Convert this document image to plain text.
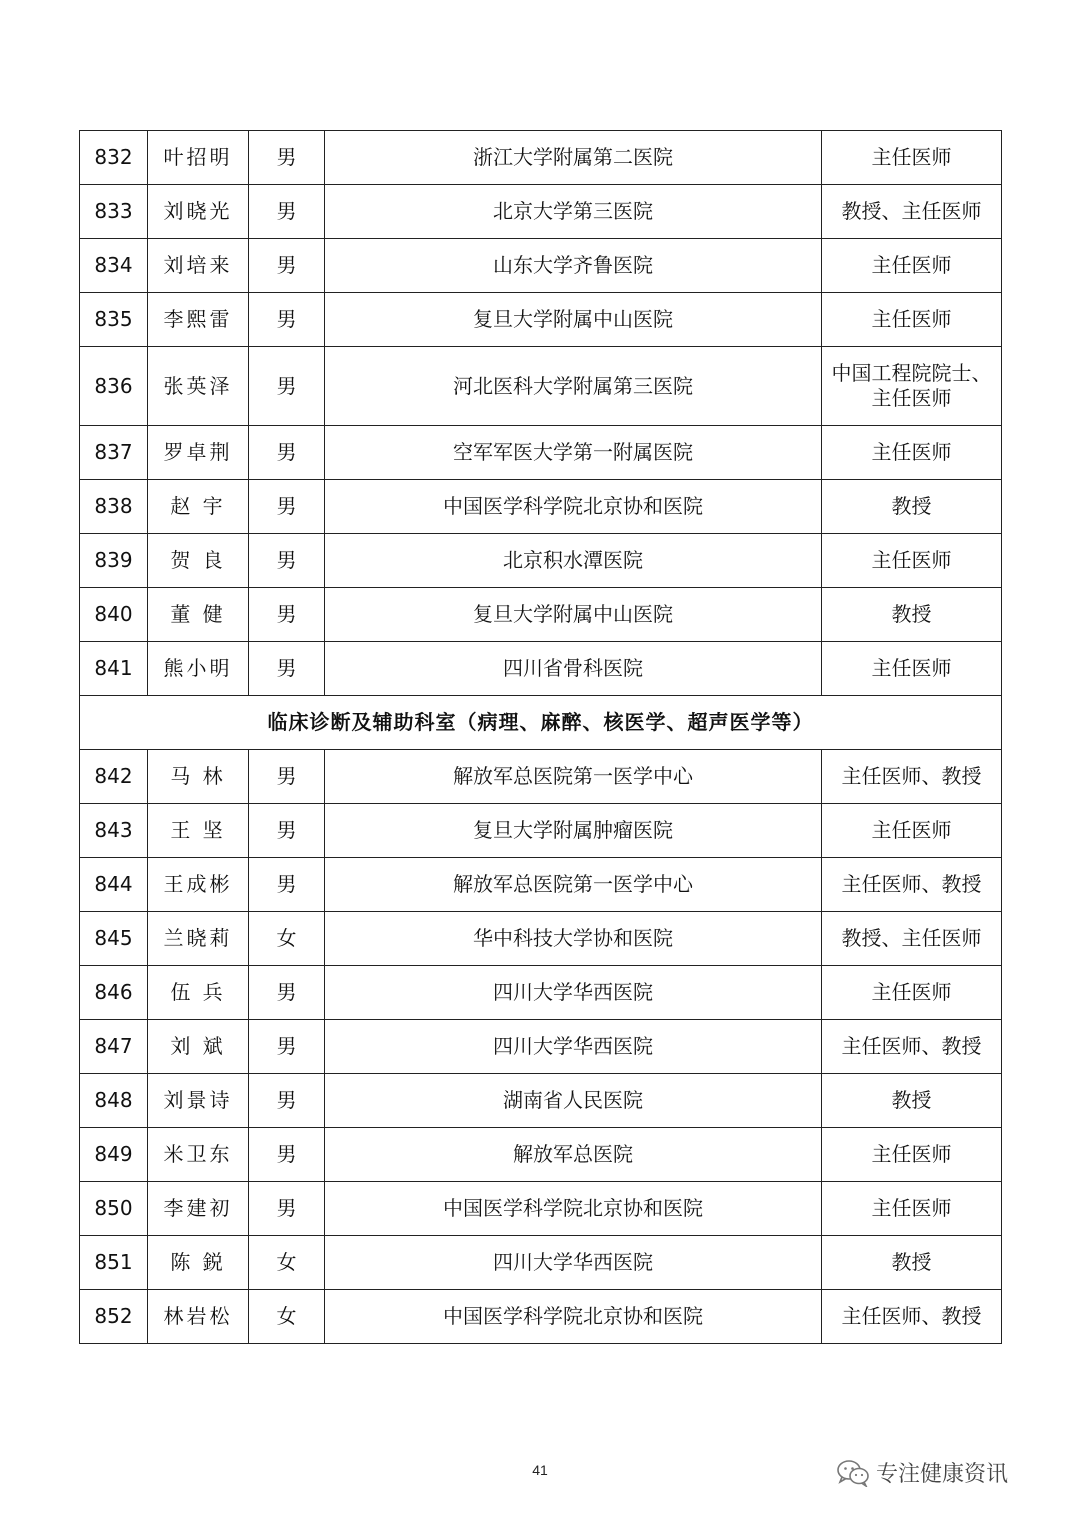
832	叶招明	男	浙江大学附属第二医院	主任医师
833	刘晓光	男	北京大学第三医院	教授、主任医师
834	刘培来	男	山东大学齐鲁医院	主任医师
835	李熙雷	男	复旦大学附属中山医院	主任医师
836	张英泽	男	河北医科大学附属第三医院	中国工程院院士、主任医师
837	罗卓荆	男	空军军医大学第一附属医院	主任医师
838	赵 宇	男	中国医学科学院北京协和医院	教授
839	贺 良	男	北京积水潭医院	主任医师
840	董 健	男	复旦大学附属中山医院	教授
841	熊小明	男	四川省骨科医院	主任医师
临床诊断及辅助科室（病理、麻醉、核医学、超声医学等）				
842	马 林	男	解放军总医院第一医学中心	主任医师、教授
843	王 坚	男	复旦大学附属肿瘤医院	主任医师
844	王成彬	男	解放军总医院第一医学中心	主任医师、教授
845	兰晓莉	女	华中科技大学协和医院	教授、主任医师
846	伍 兵	男	四川大学华西医院	主任医师
847	刘 斌	男	四川大学华西医院	主任医师、教授
848	刘景诗	男	湖南省人民医院	教授
849	米卫东	男	解放军总医院	主任医师
850	李建初	男	中国医学科学院北京协和医院	主任医师
851	陈 鋭	女	四川大学华西医院	教授
852	林岩松	女	中国医学科学院北京协和医院	主任医师、教授
41	专注健康资讯
